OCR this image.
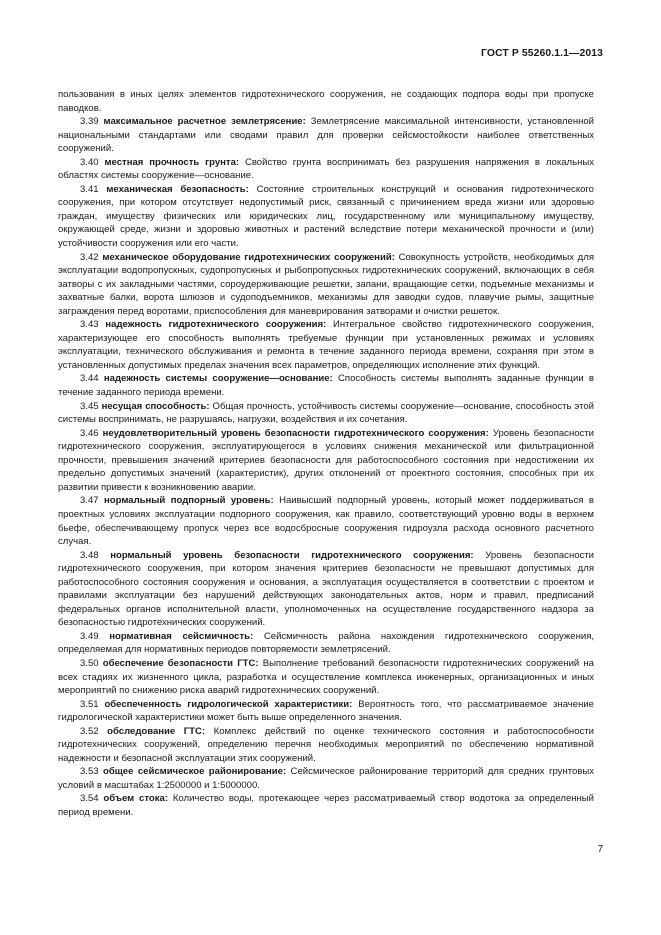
ГОСТ Р 55260.1.1—2013

пользования в иных целях элементов гидротехнического сооружения, не создающих подпора воды при пропуске паводков.

3.39 максимальное расчетное землетрясение: Землетрясение максимальной интенсивности, установленной национальными стандартами или сводами правил для проверки сейсмостойкости наиболее ответственных сооружений.

3.40 местная прочность грунта: Свойство грунта воспринимать без разрушения напряжения в локальных областях системы сооружение—основание.

3.41 механическая безопасность: Состояние строительных конструкций и основания гидротехнического сооружения, при котором отсутствует недопустимый риск, связанный с причинением вреда жизни или здоровью граждан, имуществу физических или юридических лиц, государственному или муниципальному имуществу, окружающей среде, жизни и здоровью животных и растений вследствие потери механической прочности и (или) устойчивости сооружения или его части.

3.42 механическое оборудование гидротехнических сооружений: Совокупность устройств, необходимых для эксплуатации водопропускных, судопропускных и рыбопропускных гидротехнических сооружений, включающих в себя затворы с их закладными частями, сороудерживающие решетки, запани, вращающие сетки, подъемные механизмы и захватные балки, ворота шлюзов и судоподъемников, механизмы для заводки судов, плавучие рымы, защитные заграждения перед воротами, приспособления для маневрирования затворами и очистки решеток.

3.43 надежность гидротехнического сооружения: Интегральное свойство гидротехнического сооружения, характеризующее его способность выполнять требуемые функции при установленных режимах и условиях эксплуатации, технического обслуживания и ремонта в течение заданного периода времени, сохраняя при этом в установленных допустимых пределах значения всех параметров, определяющих исполнение этих функций.

3.44 надежность системы сооружение—основание: Способность системы выполнять заданные функции в течение заданного периода времени.

3.45 несущая способность: Общая прочность, устойчивость системы сооружение—основание, способность этой системы воспринимать, не разрушаясь, нагрузки, воздействия и их сочетания.

3.46 неудовлетворительный уровень безопасности гидротехнического сооружения: Уровень безопасности гидротехнического сооружения, эксплуатирующегося в условиях снижения механической или фильтрационной прочности, превышения значений критериев безопасности для работоспособного состояния при недостижении их предельно допустимых значений (характеристик), других отклонений от проектного состояния, способных при их развитии привести к возникновению аварии.

3.47 нормальный подпорный уровень: Наивысший подпорный уровень, который может поддерживаться в проектных условиях эксплуатации подпорного сооружения, как правило, соответствующий уровню воды в верхнем бьефе, обеспечивающему пропуск через все водосбросные сооружения гидроузла расхода основного расчетного случая.

3.48 нормальный уровень безопасности гидротехнического сооружения: Уровень безопасности гидротехнического сооружения, при котором значения критериев безопасности не превышают допустимых для работоспособного состояния сооружения и основания, а эксплуатация осуществляется в соответствии с проектом и правилами эксплуатации без нарушений действующих законодательных актов, норм и правил, предписаний федеральных органов исполнительной власти, уполномоченных на осуществление государственного надзора за безопасностью гидротехнических сооружений.

3.49 нормативная сейсмичность: Сейсмичность района нахождения гидротехнического сооружения, определяемая для нормативных периодов повторяемости землетрясений.

3.50 обеспечение безопасности ГТС: Выполнение требований безопасности гидротехнических сооружений на всех стадиях их жизненного цикла, разработка и осуществление комплекса инженерных, организационных и иных мероприятий по снижению риска аварий гидротехнических сооружений.

3.51 обеспеченность гидрологической характеристики: Вероятность того, что рассматриваемое значение гидрологической характеристики может быть выше определенного значения.

3.52 обследование ГТС: Комплекс действий по оценке технического состояния и работоспособности гидротехнических сооружений, определению перечня необходимых мероприятий по обеспечению нормативной надежности и безопасной эксплуатации этих сооружений.

3.53 общее сейсмическое районирование: Сейсмическое районирование территорий для средних грунтовых условий в масштабах 1:2500000 и 1:5000000.

3.54 объем стока: Количество воды, протекающее через рассматриваемый створ водотока за определенный период времени.

7
